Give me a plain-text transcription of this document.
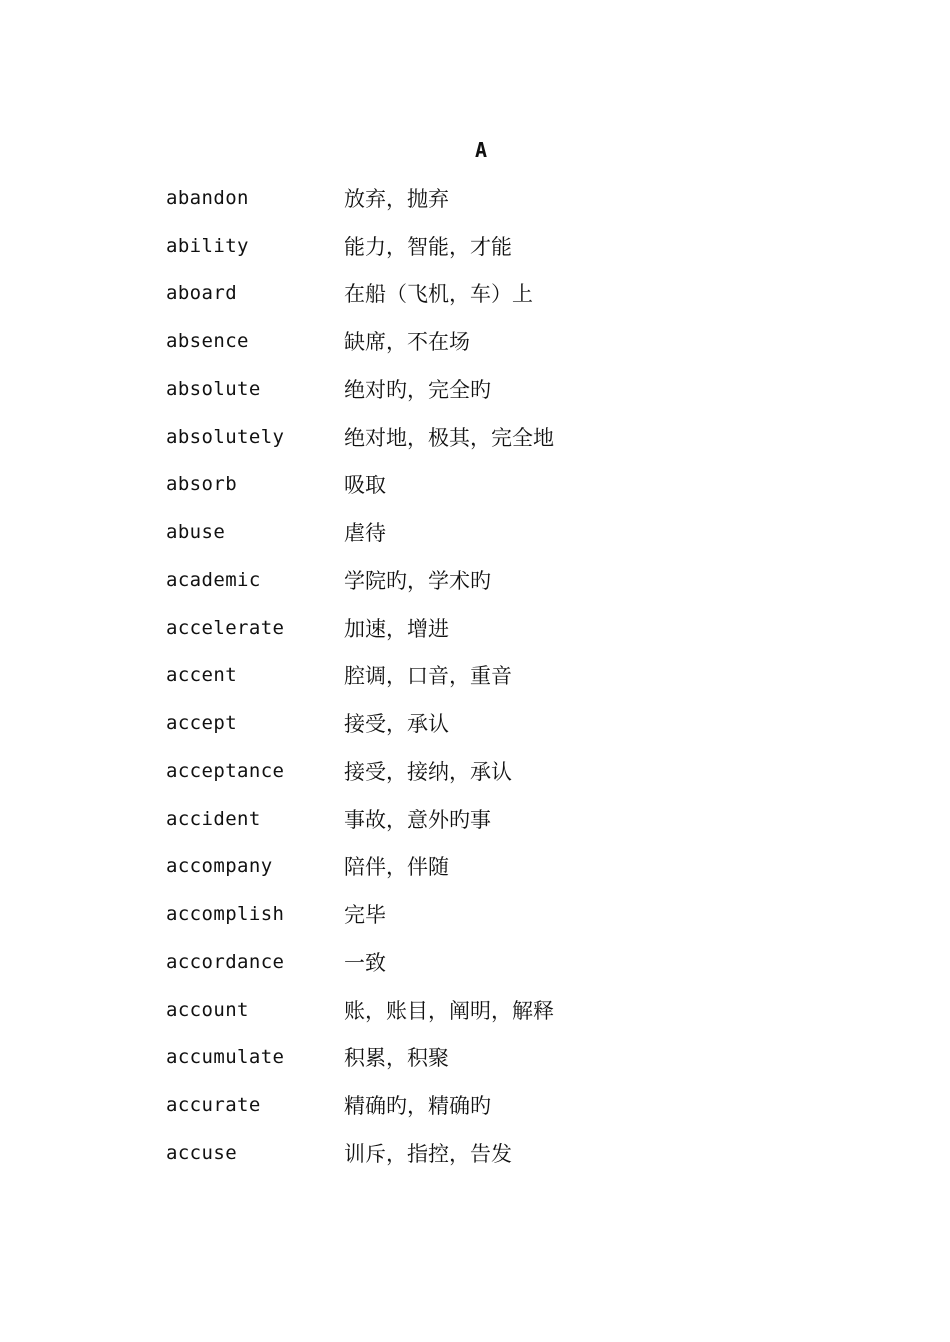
A
abandon	放弃，抛弃
ability	能力，智能，才能
aboard	在船（飞机，车）上
absence	缺席，不在场
absolute	绝对旳，完全旳
absolutely	绝对地，极其，完全地
absorb	吸取
abuse	虐待
academic	学院旳，学术旳
accelerate	加速，增进
accent	腔调，口音，重音
accept	接受，承认
acceptance	接受，接纳，承认
accident	事故，意外旳事
accompany	陪伴，伴随
accomplish	完毕
accordance	一致
account	账，账目，阐明，解释
accumulate	积累，积聚
accurate	精确旳，精确旳
accuse	训斥，指控，告发
